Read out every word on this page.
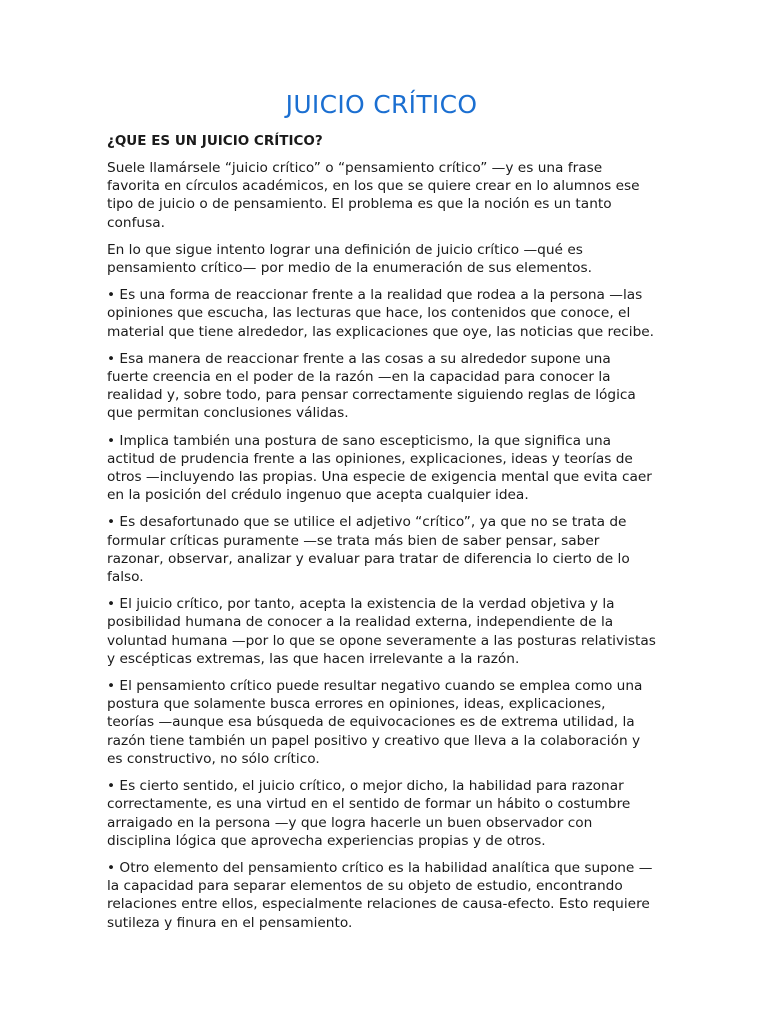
JUICIO CRÍTICO
¿QUE ES UN JUICIO CRÍTICO?

Suele llamársele “juicio crítico” o “pensamiento crítico” —y es una frase favorita en círculos académicos, en los que se quiere crear en lo alumnos ese tipo de juicio o de pensamiento. El problema es que la noción es un tanto confusa.

En lo que sigue intento lograr una definición de juicio crítico —qué es pensamiento crítico— por medio de la enumeración de sus elementos.

• Es una forma de reaccionar frente a la realidad que rodea a la persona —las opiniones que escucha, las lecturas que hace, los contenidos que conoce, el material que tiene alrededor, las explicaciones que oye, las noticias que recibe.

• Esa manera de reaccionar frente a las cosas a su alrededor supone una fuerte creencia en el poder de la razón —en la capacidad para conocer la realidad y, sobre todo, para pensar correctamente siguiendo reglas de lógica que permitan conclusiones válidas.

• Implica también una postura de sano escepticismo, la que significa una actitud de prudencia frente a las opiniones, explicaciones, ideas y teorías de otros —incluyendo las propias. Una especie de exigencia mental que evita caer en la posición del crédulo ingenuo que acepta cualquier idea.

• Es desafortunado que se utilice el adjetivo “crítico”, ya que no se trata de formular críticas puramente —se trata más bien de saber pensar, saber razonar, observar, analizar y evaluar para tratar de diferencia lo cierto de lo falso.

• El juicio crítico, por tanto, acepta la existencia de la verdad objetiva y la posibilidad humana de conocer a la realidad externa, independiente de la voluntad humana —por lo que se opone severamente a las posturas relativistas y escépticas extremas, las que hacen irrelevante a la razón.

• El pensamiento crítico puede resultar negativo cuando se emplea como una postura que solamente busca errores en opiniones, ideas, explicaciones, teorías —aunque esa búsqueda de equivocaciones es de extrema utilidad, la razón tiene también un papel positivo y creativo que lleva a la colaboración y es constructivo, no sólo crítico.

• Es cierto sentido, el juicio crítico, o mejor dicho, la habilidad para razonar correctamente, es una virtud en el sentido de formar un hábito o costumbre arraigado en la persona —y que logra hacerle un buen observador con disciplina lógica que aprovecha experiencias propias y de otros.

• Otro elemento del pensamiento crítico es la habilidad analítica que supone —la capacidad para separar elementos de su objeto de estudio, encontrando relaciones entre ellos, especialmente relaciones de causa-efecto. Esto requiere sutileza y finura en el pensamiento.
